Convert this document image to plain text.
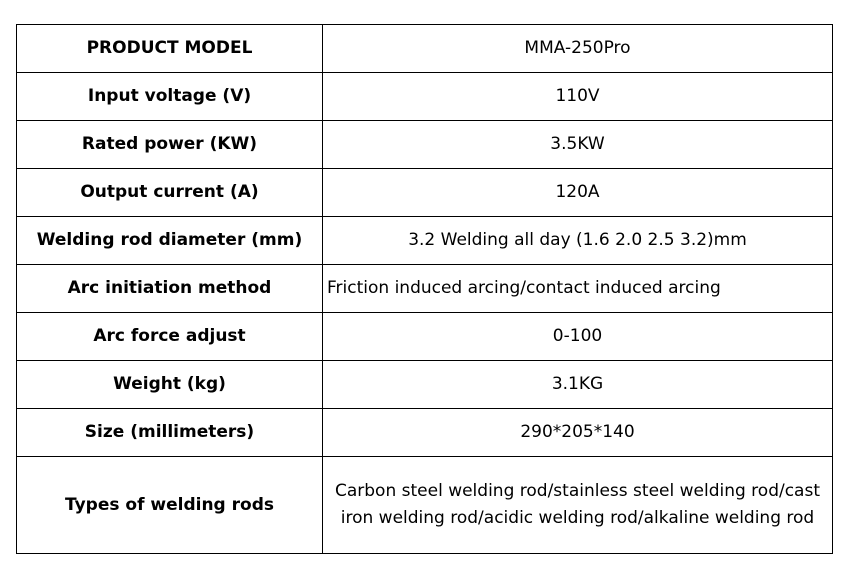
PRODUCT MODEL	MMA-250Pro
Input voltage (V)	110V
Rated power (KW)	3.5KW
Output current (A)	120A
Welding rod diameter (mm)	3.2 Welding all day (1.6 2.0 2.5 3.2)mm
Arc initiation method	Friction induced arcing/contact induced arcing
Arc force adjust	0-100
Weight (kg)	3.1KG
Size (millimeters)	290*205*140
Types of welding rods	Carbon steel welding rod/stainless steel welding rod/cast iron welding rod/acidic welding rod/alkaline welding rod
